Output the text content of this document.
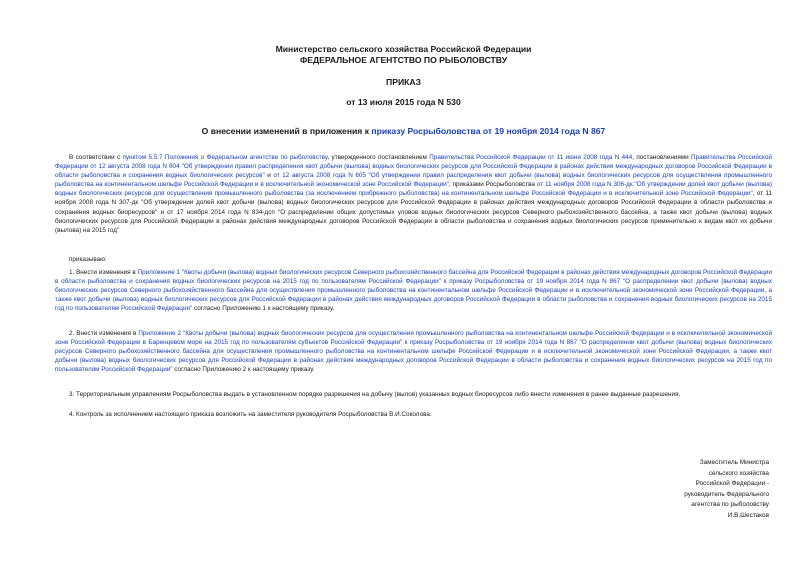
Министерство сельского хозяйства Российской Федерации
ФЕДЕРАЛЬНОЕ АГЕНТСТВО ПО РЫБОЛОВСТВУ
ПРИКАЗ
от 13 июля 2015 года N 530
О внесении изменений в приложения к приказу Росрыболовства от 19 ноября 2014 года N 867
В соответствии с пунктом 5.5.7 Положения о Федеральном агентстве по рыболовству, утвержденного постановлением Правительства Российской Федерации от 11 июня 2008 года N 444, постановлениями Правительства Российской Федерации от 12 августа 2008 года N 604 "Об утверждении правил распределения квот добычи (вылова) водных биологических ресурсов для Российской Федерации в районах действия международных договоров Российской Федерации в области рыболовства и сохранения водных биологических ресурсов" и от 12 августа 2008 года N 605 "Об утверждении правил распределения квот добычи (вылова) водных биологических ресурсов для осуществления промышленного рыболовства на континентальном шельфе Российской Федерации и в исключительной экономической зоне Российской Федерации", приказами Росрыболовства от 11 ноября 2008 года N 306-дк "Об утверждении долей квот добычи (вылова) водных биологических ресурсов для осуществления промышленного рыболовства (за исключением прибрежного рыболовства) на континентальном шельфе Российской Федерации и в исключительной зоне Российской Федерации", от 11 ноября 2008 года N 307-дк "Об утверждении долей квот добычи (вылова) водных биологических ресурсов для Российской Федерации в районах действия международных договоров Российской Федерации в области рыболовства и сохранения водных биоресурсов" и от 17 ноября 2014 года N 834-дсп "О распределении общих допустимых уловов водных биологических ресурсов Северного рыбохозяйственного бассейна, а также квот добычи (вылова) водных биологических ресурсов для Российской Федерации в районах действия международных договоров Российской Федерации в области рыболовства и сохранения водных биологических ресурсов применительно к видам квот их добычи (вылова) на 2015 год"
приказываю:
1. Внести изменения в Приложение 1 "Квоты добычи (вылова) водных биологических ресурсов Северного рыбохозяйственного бассейна для Российской Федерации в районах действия международных договоров Российской Федерации в области рыболовства и сохранения водных биологических ресурсов на 2015 год по пользователям Российской Федерации" к приказу Росрыболовства от 19 ноября 2014 года N 867 "О распределении квот добычи (вылова) водных биологических ресурсов Северного рыбохозяйственного бассейна для осуществления промышленного рыболовства на континентальном шельфе Российской Федерации и в исключительной экономической зоне Российской Федерации, а также квот добычи (вылова) водных биологических ресурсов для Российской Федерации в районах действия международных договоров Российской Федерации в области рыболовства и сохранения водных биологических ресурсов на 2015 год по пользователям Российской Федерации" согласно Приложению 1 к настоящему приказу.
2. Внести изменения в Приложение 2 "Квоты добычи (вылова) водных биологических ресурсов для осуществления промышленного рыболовства на континентальном шельфе Российской Федерации и в исключительной экономической зоне Российской Федерации в Баренцевом море на 2015 год по пользователям субъектов Российской Федерации" к приказу Росрыболовства от 19 ноября 2014 года N 867 "О распределении квот добычи (вылова) водных биологических ресурсов Северного рыбохозяйственного бассейна для осуществления промышленного рыболовства на континентальном шельфе Российской Федерации и в исключительной экономической зоне Российской Федерации, а также квот добычи (вылова) водных биологических ресурсов для Российской Федерации в районах действия международных договоров Российской Федерации в области рыболовства и сохранения водных биологических ресурсов на 2015 год по пользователям Российской Федерации" согласно Приложению 2 к настоящему приказу.
3. Территориальным управлениям Росрыболовства выдать в установленном порядке разрешения на добычу (вылов) указанных водных биоресурсов либо внести изменения в ранее выданные разрешения.
4. Контроль за исполнением настоящего приказа возложить на заместителя руководителя Росрыболовства В.И.Соколова.
Заместитель Министра
сельского хозяйства
Российской Федерации -
руководитель Федерального
агентства по рыболовству
И.В.Шестаков
